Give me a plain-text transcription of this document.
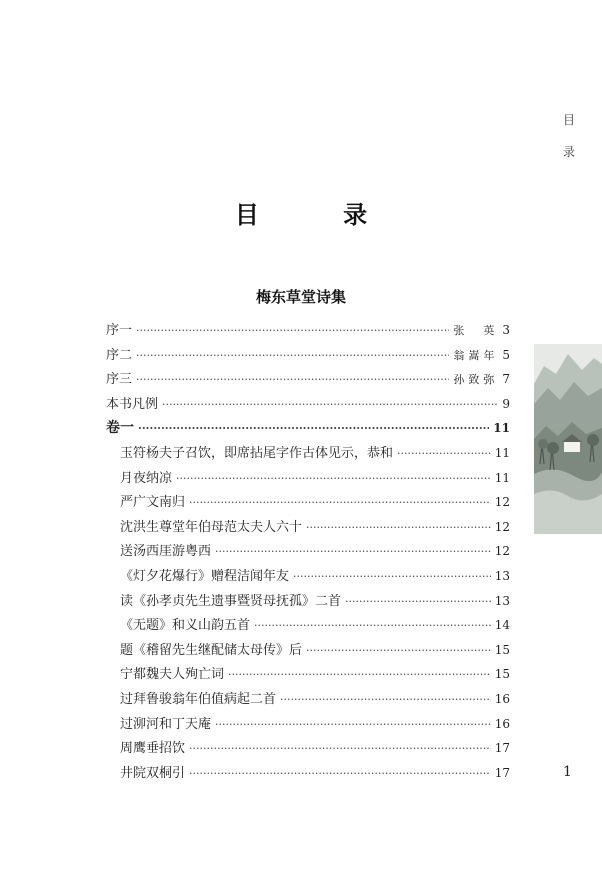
目
录
目 录
梅东草堂诗集
序一 ·····	张　英 3
序二 ·····	翁嵩年 5
序三 ·····	孙致弥 7
本书凡例 ·····	9
卷一 ·····	11
玉符杨夫子召饮，即席拈尾字作古体见示，恭和 ·····	11
月夜纳凉 ·····	11
严广文南归 ·····	12
沈洪生尊堂年伯母范太夫人六十 ·····	12
送汤西厓游粤西 ·····	12
《灯夕花爆行》赠程洁闻年友 ·····	13
读《孙孝贞先生遗事暨贤母抚孤》二首 ·····	13
《无题》和义山韵五首 ·····	14
题《稽留先生继配储太母传》后 ·····	15
宁都魏夫人殉亡词 ·····	15
过拜鲁骏翁年伯值病起二首 ·····	16
过泖河和丁天庵 ·····	16
周鹰垂招饮 ·····	17
井院双桐引 ·····	17	1
